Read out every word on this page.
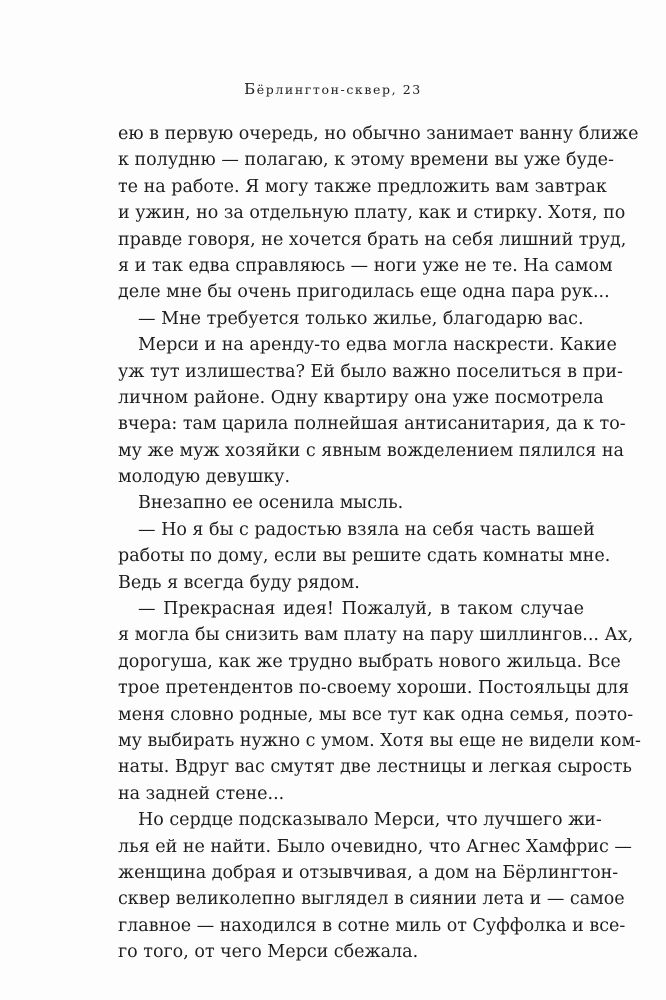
Бёрлингтон-сквер, 23
ею в первую очередь, но обычно занимает ванну ближе
к полудню — полагаю, к этому времени вы уже буде-
те на работе. Я могу также предложить вам завтрак
и ужин, но за отдельную плату, как и стирку. Хотя, по
правде говоря, не хочется брать на себя лишний труд,
я и так едва справляюсь — ноги уже не те. На самом
деле мне бы очень пригодилась еще одна пара рук...
— Мне требуется только жилье, благодарю вас.
Мерси и на аренду-то едва могла наскрести. Какие
уж тут излишества? Ей было важно поселиться в при-
личном районе. Одну квартиру она уже посмотрела
вчера: там царила полнейшая антисанитария, да к то-
му же муж хозяйки с явным вожделением пялился на
молодую девушку.
Внезапно ее осенила мысль.
— Но я бы с радостью взяла на себя часть вашей
работы по дому, если вы решите сдать комнаты мне.
Ведь я всегда буду рядом.
— Прекрасная идея! Пожалуй, в таком случае
я могла бы снизить вам плату на пару шиллингов... Ах,
дорогуша, как же трудно выбрать нового жильца. Все
трое претендентов по-своему хороши. Постояльцы для
меня словно родные, мы все тут как одна семья, поэто-
му выбирать нужно с умом. Хотя вы еще не видели ком-
наты. Вдруг вас смутят две лестницы и легкая сырость
на задней стене...
Но сердце подсказывало Мерси, что лучшего жи-
лья ей не найти. Было очевидно, что Агнес Хамфрис —
женщина добрая и отзывчивая, а дом на Бёрлингтон-
сквер великолепно выглядел в сиянии лета и — самое
главное — находился в сотне миль от Суффолка и все-
го того, от чего Мерси сбежала.
